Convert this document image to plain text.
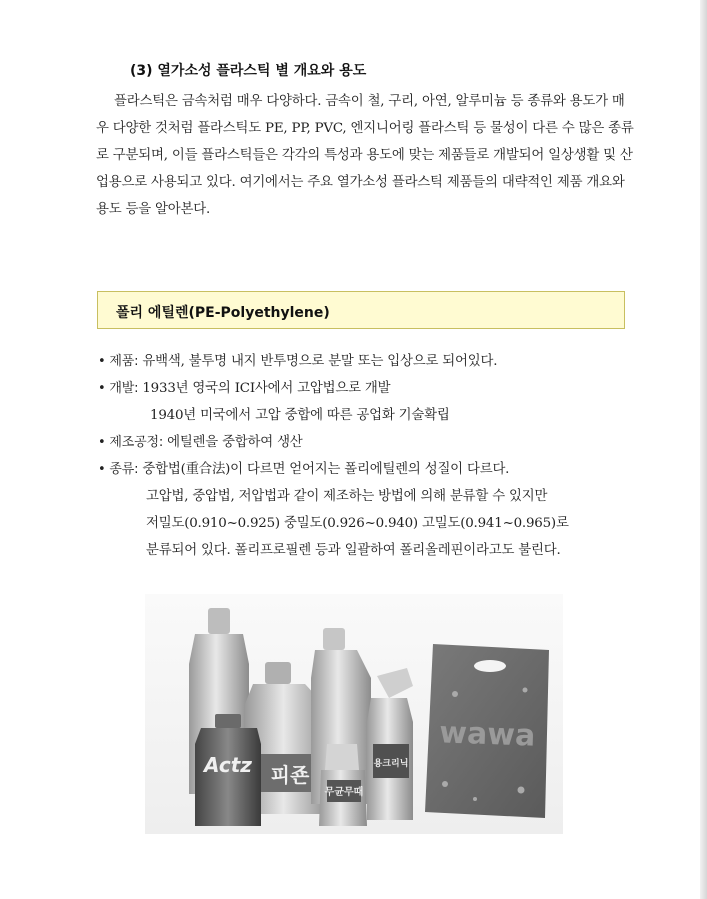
(3) 열가소성 플라스틱 별 개요와 용도
플라스틱은 금속처럼 매우 다양하다. 금속이 철, 구리, 아연, 알루미늄 등 종류와 용도가 매우 다양한 것처럼 플라스틱도 PE, PP, PVC, 엔지니어링 플라스틱 등 물성이 다른 수 많은 종류로 구분되며, 이들 플라스틱들은 각각의 특성과 용도에 맞는 제품들로 개발되어 일상생활 및 산업용으로 사용되고 있다. 여기에서는 주요 열가소성 플라스틱 제품들의 대략적인 제품 개요와 용도 등을 알아본다.
폴리 에틸렌(PE-Polyethylene)
• 제품: 유백색, 불투명 내지 반투명으로 분말 또는 입상으로 되어있다.
• 개발: 1933년 영국의 ICI사에서 고압법으로 개발
1940년 미국에서 고압 중합에 따른 공업화 기술확립
• 제조공정: 에틸렌을 중합하여 생산
• 종류: 중합법(重合法)이 다르면 얻어지는 폴리에틸렌의 성질이 다르다.
고압법, 중압법, 저압법과 같이 제조하는 방법에 의해 분류할 수 있지만
저밀도(0.910~0.925) 중밀도(0.926~0.940) 고밀도(0.941~0.965)로
분류되어 있다. 폴리프로필렌 등과 일괄하여 폴리올레핀이라고도 불린다.
피죤
무균무때
용크리닉
Actz
wawa
